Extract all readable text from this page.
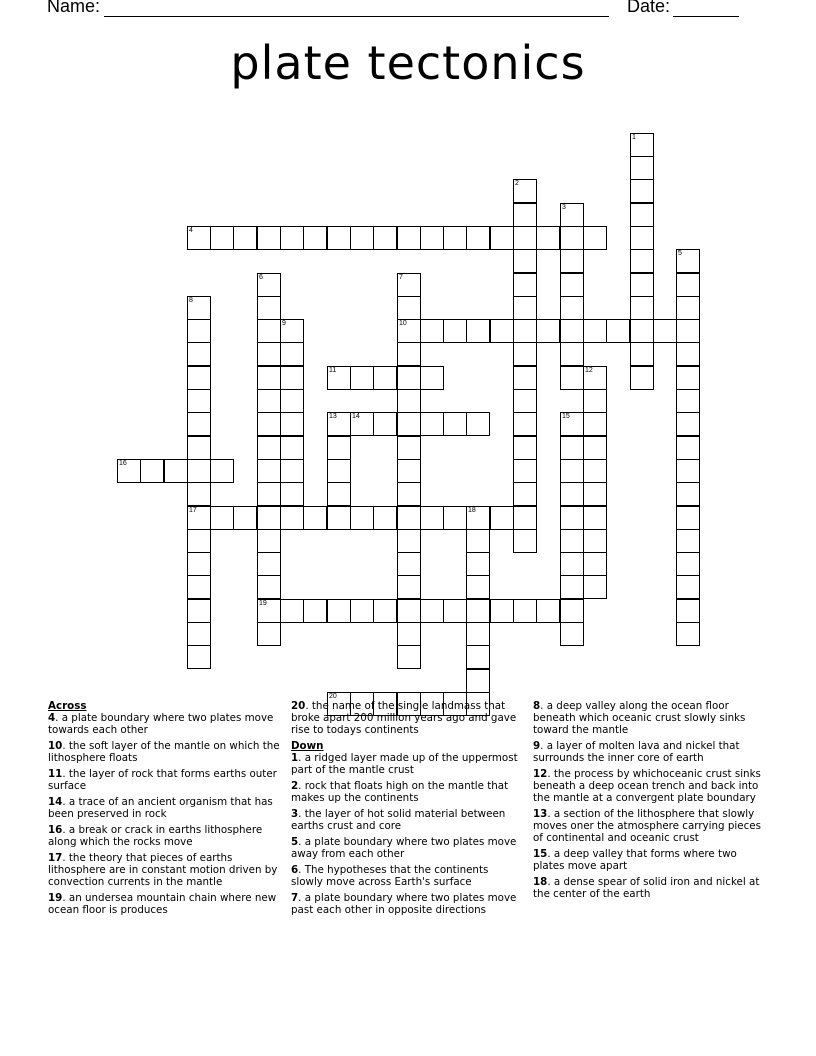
Name:	Date:
plate tectonics
4
10
11
14
16
17	18
19
20
1
2
3
5
6	7
8
9
12
13	15
Across
4. a plate boundary where two plates move towards each other
10. the soft layer of the mantle on which the lithosphere floats
11. the layer of rock that forms earths outer surface
14. a trace of an ancient organism that has been preserved in rock
16. a break or crack in earths lithosphere along which the rocks move
17. the theory that pieces of earths lithosphere are in constant motion driven by convection currents in the mantle
19. an undersea mountain chain where new ocean floor is produces
20. the name of the single landmass that broke apart 200 million years ago and gave rise to todays continents
Down
1. a ridged layer made up of the uppermost part of the mantle crust
2. rock that floats high on the mantle that makes up the continents
3. the layer of hot solid material between earths crust and core
5. a plate boundary where two plates move away from each other
6. The hypotheses that the continents slowly move across Earth's surface
7. a plate boundary where two plates move past each other in opposite directions
8. a deep valley along the ocean floor beneath which oceanic crust slowly sinks toward the mantle
9. a layer of molten lava and nickel that surrounds the inner core of earth
12. the process by whichoceanic crust sinks beneath a deep ocean trench and back into the mantle at a convergent plate boundary
13. a section of the lithosphere that slowly moves oner the atmosphere carrying pieces of continental and oceanic crust
15. a deep valley that forms where two plates move apart
18. a dense spear of solid iron and nickel at the center of the earth
